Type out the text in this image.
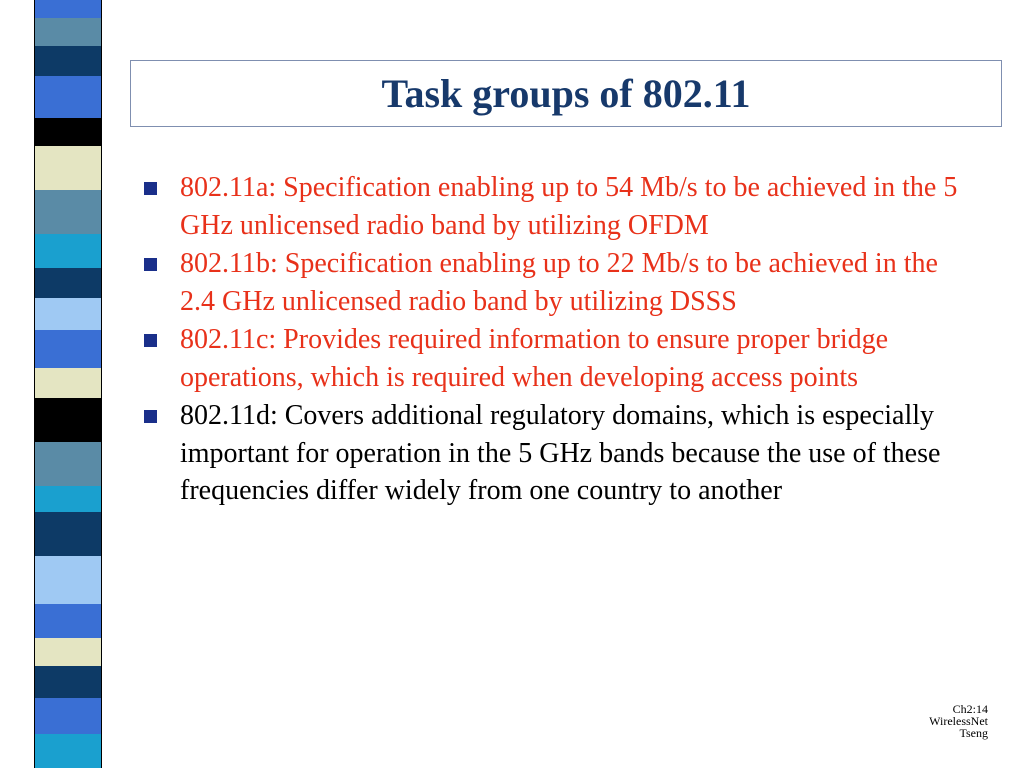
Task groups of 802.11
802.11a: Specification enabling up to 54 Mb/s to be achieved in the 5 GHz unlicensed radio band by utilizing OFDM
802.11b: Specification enabling up to 22 Mb/s to be achieved in the 2.4 GHz unlicensed radio band by utilizing DSSS
802.11c: Provides required information to ensure proper bridge operations, which is required when developing access points
802.11d: Covers additional regulatory domains, which is especially important for operation in the 5 GHz bands because the use of these frequencies differ widely from one country to another
Ch2:14
WirelessNet
Tseng
